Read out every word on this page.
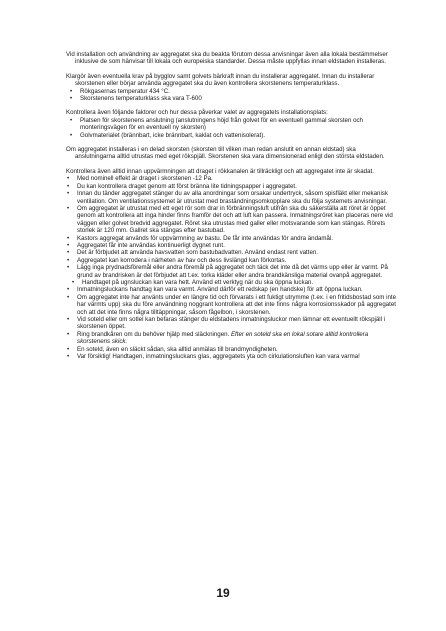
Vid installation och användning av aggregatet ska du beakta förutom dessa anvisningar även alla lokala bestämmelser inklusive de som hänvisar till lokala och europeiska standarder. Dessa måste uppfyllas innan eldstaden installeras.

Klargör även eventuella krav på bygglov samt golvets bärkraft innan du installerar aggregatet. Innan du installerar skorstenen eller börjar använda aggregatet ska du även kontrollera skorstenens temperaturklass.
• Rökgasernas temperatur 434 °C.
• Skorstenens temperaturklass ska vara T-600
Kontrollera även följande faktorer och hur dessa påverkar valet av aggregatets installationsplats:
• Platsen för skorstenens anslutning (anslutningens höjd från golvet för en eventuell gammal skorsten och monteringsvägen för en eventuell ny skorsten)
• Golvmaterialet (brännbart, icke brännbart, kaklat och vattenisolerat).

Om aggregatet installeras i en delad skorsten (skorsten till vilken man redan anslutit en annan eldstad) ska anslutningarna alltid utrustas med eget rökspjäll. Skorstenen ska vara dimensionerad enligt den största eldstaden.

Kontrollera även alltid innan uppvärmningen att draget i rökkanalen är tillräckligt och att aggregatet inte är skadat.
• Med nominell effekt är draget i skorstenen -12 Pa.
• Du kan kontrollera draget genom att först bränna lite tidningspapper i aggregatet.
• Innan du tänder aggregatet stänger du av alla anordningar som orsakar undertryck, såsom spisfläkt eller mekanisk ventilation. Om ventilationssystemet är utrustat med braständningsomkopplare ska du följa systemets anvisningar.
• Om aggregatet är utrustat med ett eget rör som drar in förbränningsluft utifrån ska du säkerställa att röret är öppet genom att kontrollera att inga hinder finns framför det och att luft kan passera. Inmatningsröret kan placeras nere vid väggen eller golvet bredvid aggregatet. Röret ska utrustas med galler eller motsvarande som kan stängas. Rörets storlek är 120 mm. Gallret ska stängas efter bastubad.
• Kastors aggregat används för uppvärmning av bastu. De får inte användas för andra ändamål.
• Aggregatet får inte användas kontinuerligt dygnet runt.
• Det är förbjudet att använda havsvatten som bastubadvatten. Använd endast rent vatten.
• Aggregatet kan korrodera i närheten av hav och dess livslängd kan förkortas.
• Lägg inga prydnadsföremål eller andra föremål på aggregatet och täck det inte då det värms upp eller är varmt. På grund av brandrisken är det förbjudet att t.ex. torka kläder eller andra brandkänsliga material ovanpå aggregatet.
• Handtaget på ugnsluckan kan vara hett. Använd ett verktyg när du ska öppna luckan.
• Inmatningsluckans handtag kan vara varmt. Använd därför ett redskap (en handske) för att öppna luckan.
• Om aggregatet inte har använts under en längre tid och förvarats i ett fuktigt utrymme (t.ex. i en fritidsbostad som inte har värmts upp) ska du före användning noggrant kontrollera att det inte finns några korrosionsskador på aggregatet och att det inte finns några tilltäppningar, såsom fågelbon, i skorstenen.
• Vid soteld eller om sotlel kan befaras stänger du eldstadens inmatningsluckor men lämnar ett eventuellt rökspjäll i skorstenen öppet.
• Ring brandkåren om du behöver hjälp med släckningen. Efter en soteld ska en lokal sotare alltid kontrollera skorstenens skick.
• En soteld, även en släckt sådan, ska alltid anmälas till brandmyndigheten.
• Var försiktig! Handtagen, inmatningsluckans glas, aggregatets yta och cirkulationsluften kan vara varma!
19
